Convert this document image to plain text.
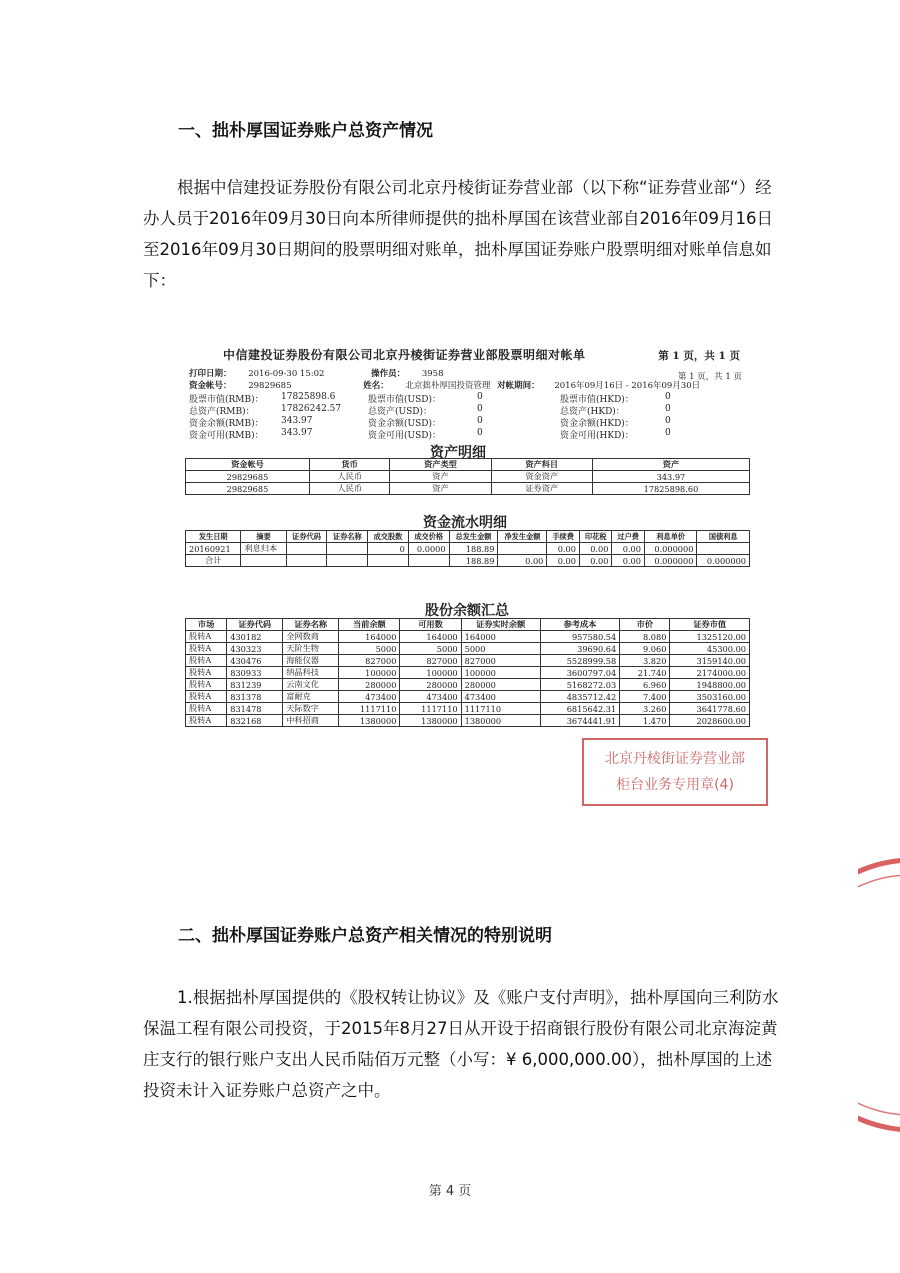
一、拙朴厚国证券账户总资产情况
根据中信建投证券股份有限公司北京丹棱街证券营业部（以下称“证券营业部“）经办人员于2016年09月30日向本所律师提供的拙朴厚国在该营业部自2016年09月16日至2016年09月30日期间的股票明细对账单，拙朴厚国证券账户股票明细对账单信息如下：
中信建投证券股份有限公司北京丹棱街证券营业部股票明细对帐单	第 1 页，共 1 页
第 1 页，共 1 页
打印日期： 2016-09-30 15:02	操作员： 3958
资金帐号： 29829685	姓名： 北京拙朴厚国投资管理 对帐期间： 2016年09月16日 - 2016年09月30日
股票市值(RMB)： 17825898.6	股票市值(USD)：	0	股票市值(HKD)：	0
总资产(RMB)：	17826242.57	总资产(USD)：	0	总资产(HKD)：	0
资金余额(RMB)： 343.97	资金余额(USD)：	0	资金余额(HKD)：	0
资金可用(RMB)： 343.97	资金可用(USD)：	0	资金可用(HKD)：	0
资产明细
资金帐号	货币	资产类型	资产科目	资产
29829685	人民币	资产	资金资产	343.97
29829685	人民币	资产	证券资产	17825898.60
资金流水明细
发生日期	摘要	证券代码	证券名称	成交股数	成交价格	总发生金额	净发生金额	手续费	印花税	过户费	利息单价	国债利息
20160921	利息归本			0	0.0000	188.89		0.00	0.00	0.00	0.000000	
合计						188.89	0.00	0.00	0.00	0.00	0.000000	0.000000
股份余额汇总
市场	证券代码	证券名称	当前余额	可用数	证券实时余额	参考成本	市价	证券市值
股转A	430182	全网数商	164000	164000	164000	957580.54	8.080	1325120.00
股转A	430323	天阶生物	5000	5000	5000	39690.64	9.060	45300.00
股转A	430476	海能仪器	827000	827000	827000	5528999.58	3.820	3159140.00
股转A	830933	纳晶科技	100000	100000	100000	3600797.04	21.740	2174000.00
股转A	831239	云南文化	280000	280000	280000	5168272.03	6.960	1948800.00
股转A	831378	富耐克	473400	473400	473400	4835712.42	7.400	3503160.00
股转A	831478	天际数字	1117110	1117110	1117110	6815642.31	3.260	3641778.60
股转A	832168	中科招商	1380000	1380000	1380000	3674441.91	1.470	2028600.00
北京丹棱街证券营业部
柜台业务专用章(4)
二、拙朴厚国证券账户总资产相关情况的特别说明
1.根据拙朴厚国提供的《股权转让协议》及《账户支付声明》，拙朴厚国向三利防水保温工程有限公司投资，于2015年8月27日从开设于招商银行股份有限公司北京海淀黄庄支行的银行账户支出人民币陆佰万元整（小写：¥ 6,000,000.00），拙朴厚国的上述投资未计入证券账户总资产之中。
第 4 页
